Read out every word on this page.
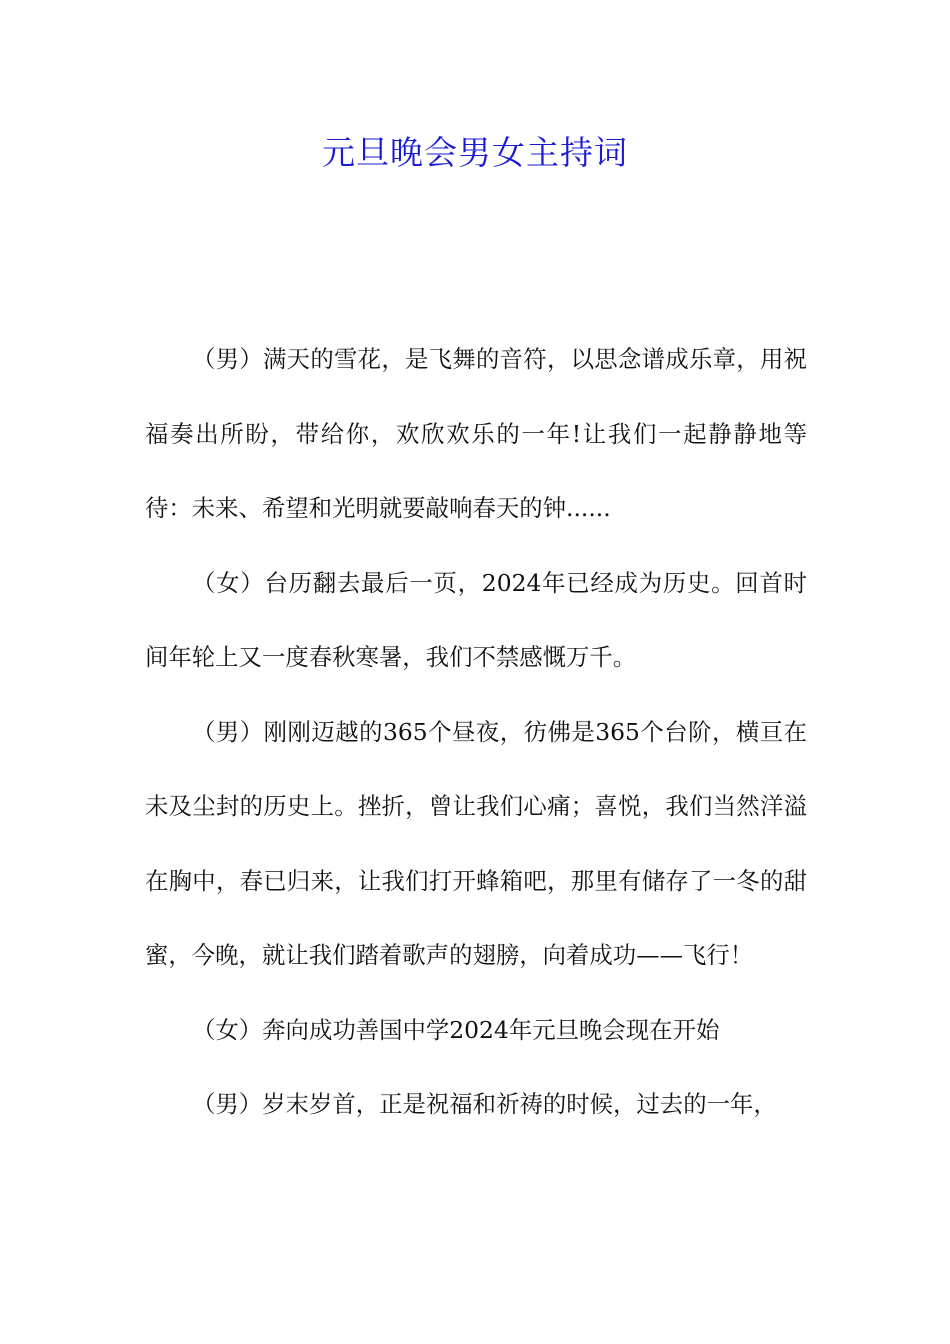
元旦晚会男女主持词

（男）满天的雪花，是飞舞的音符，以思念谱成乐章，用祝福奏出所盼，带给你，欢欣欢乐的一年!让我们一起静静地等待：未来、希望和光明就要敲响春天的钟......

（女）台历翻去最后一页，2024年已经成为历史。回首时间年轮上又一度春秋寒暑，我们不禁感慨万千。

（男）刚刚迈越的365个昼夜，彷佛是365个台阶，横亘在未及尘封的历史上。挫折，曾让我们心痛；喜悦，我们当然洋溢在胸中，春已归来，让我们打开蜂箱吧，那里有储存了一冬的甜蜜，今晚，就让我们踏着歌声的翅膀，向着成功——飞行！

（女）奔向成功善国中学2024年元旦晚会现在开始

（男）岁末岁首，正是祝福和祈祷的时候，过去的一年，
